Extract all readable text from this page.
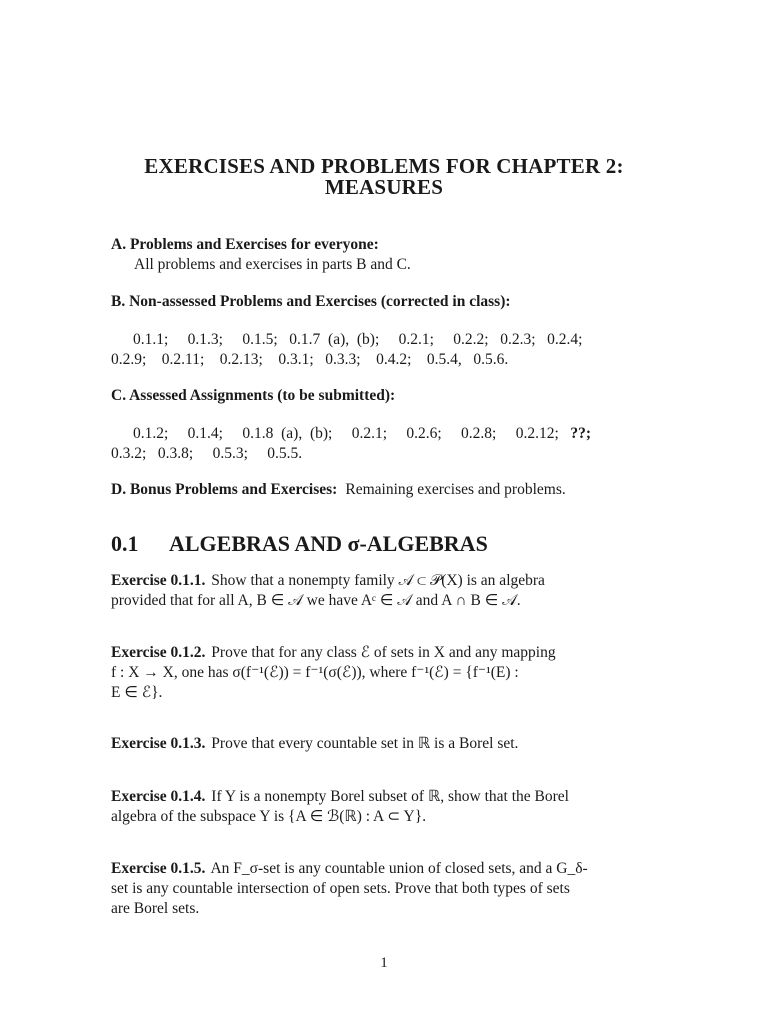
EXERCISES AND PROBLEMS FOR CHAPTER 2:
MEASURES
A. Problems and Exercises for everyone:
All problems and exercises in parts B and C.
B. Non-assessed Problems and Exercises (corrected in class):
0.1.1;     0.1.3;     0.1.5;   0.1.7  (a),  (b);     0.2.1;     0.2.2;   0.2.3;   0.2.4;
0.2.9;    0.2.11;    0.2.13;    0.3.1;   0.3.3;    0.4.2;    0.5.4,   0.5.6.
C. Assessed Assignments (to be submitted):
0.1.2;     0.1.4;     0.1.8  (a),  (b);     0.2.1;     0.2.6;     0.2.8;     0.2.12; ??;
0.3.2;   0.3.8;     0.5.3;     0.5.5.
D. Bonus Problems and Exercises: Remaining exercises and problems.
0.1 ALGEBRAS AND σ-ALGEBRAS
Exercise 0.1.1. Show that a nonempty family 𝒜 ⊂ 𝒫(X) is an algebra
provided that for all A, B ∈ 𝒜 we have Aᶜ ∈ 𝒜 and A ∩ B ∈ 𝒜.
Exercise 0.1.2. Prove that for any class ℰ of sets in X and any mapping
f : X → X, one has σ(f⁻¹(ℰ)) = f⁻¹(σ(ℰ)), where f⁻¹(ℰ) = {f⁻¹(E) :
E ∈ ℰ}.
Exercise 0.1.3. Prove that every countable set in ℝ is a Borel set.
Exercise 0.1.4. If Y is a nonempty Borel subset of ℝ, show that the Borel
algebra of the subspace Y is {A ∈ ℬ(ℝ) : A ⊂ Y}.
Exercise 0.1.5. An F_σ-set is any countable union of closed sets, and a G_δ-
set is any countable intersection of open sets. Prove that both types of sets
are Borel sets.
1
